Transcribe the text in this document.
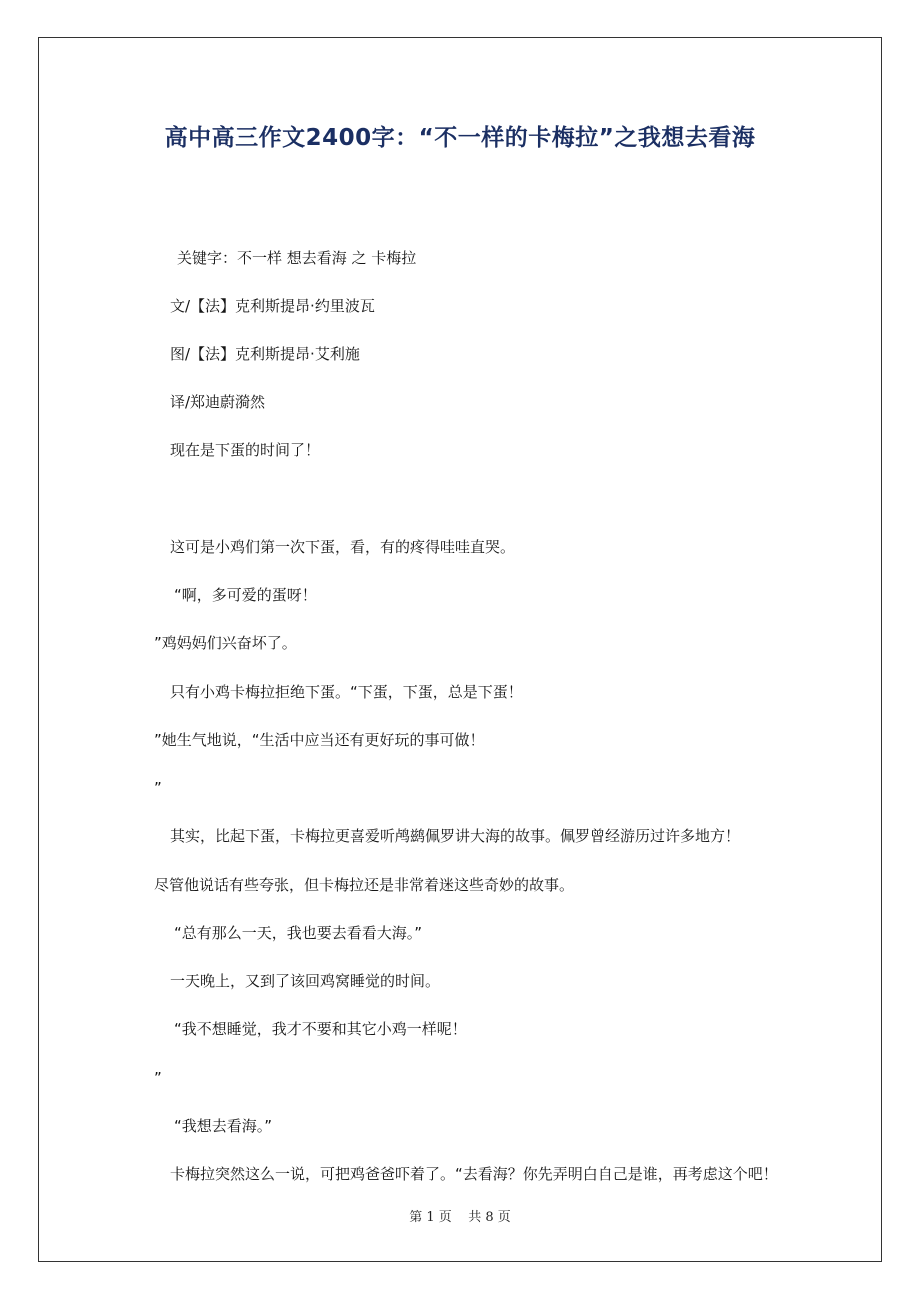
高中高三作文2400字：“不一样的卡梅拉”之我想去看海
关键字：不一样 想去看海 之 卡梅拉
文/【法】克利斯提昂·约里波瓦
图/【法】克利斯提昂·艾利施
译/郑迪蔚漪然
现在是下蛋的时间了！
这可是小鸡们第一次下蛋，看，有的疼得哇哇直哭。
“啊，多可爱的蛋呀！
”鸡妈妈们兴奋坏了。
只有小鸡卡梅拉拒绝下蛋。“下蛋，下蛋，总是下蛋！
”她生气地说，“生活中应当还有更好玩的事可做！
”
其实，比起下蛋，卡梅拉更喜爱听鸬鹚佩罗讲大海的故事。佩罗曾经游历过许多地方！
尽管他说话有些夸张，但卡梅拉还是非常着迷这些奇妙的故事。
“总有那么一天，我也要去看看大海。”
一天晚上，又到了该回鸡窝睡觉的时间。
“我不想睡觉，我才不要和其它小鸡一样呢！
”
“我想去看海。”
卡梅拉突然这么一说，可把鸡爸爸吓着了。“去看海？你先弄明白自己是谁，再考虑这个吧！
第 1 页    共 8 页
